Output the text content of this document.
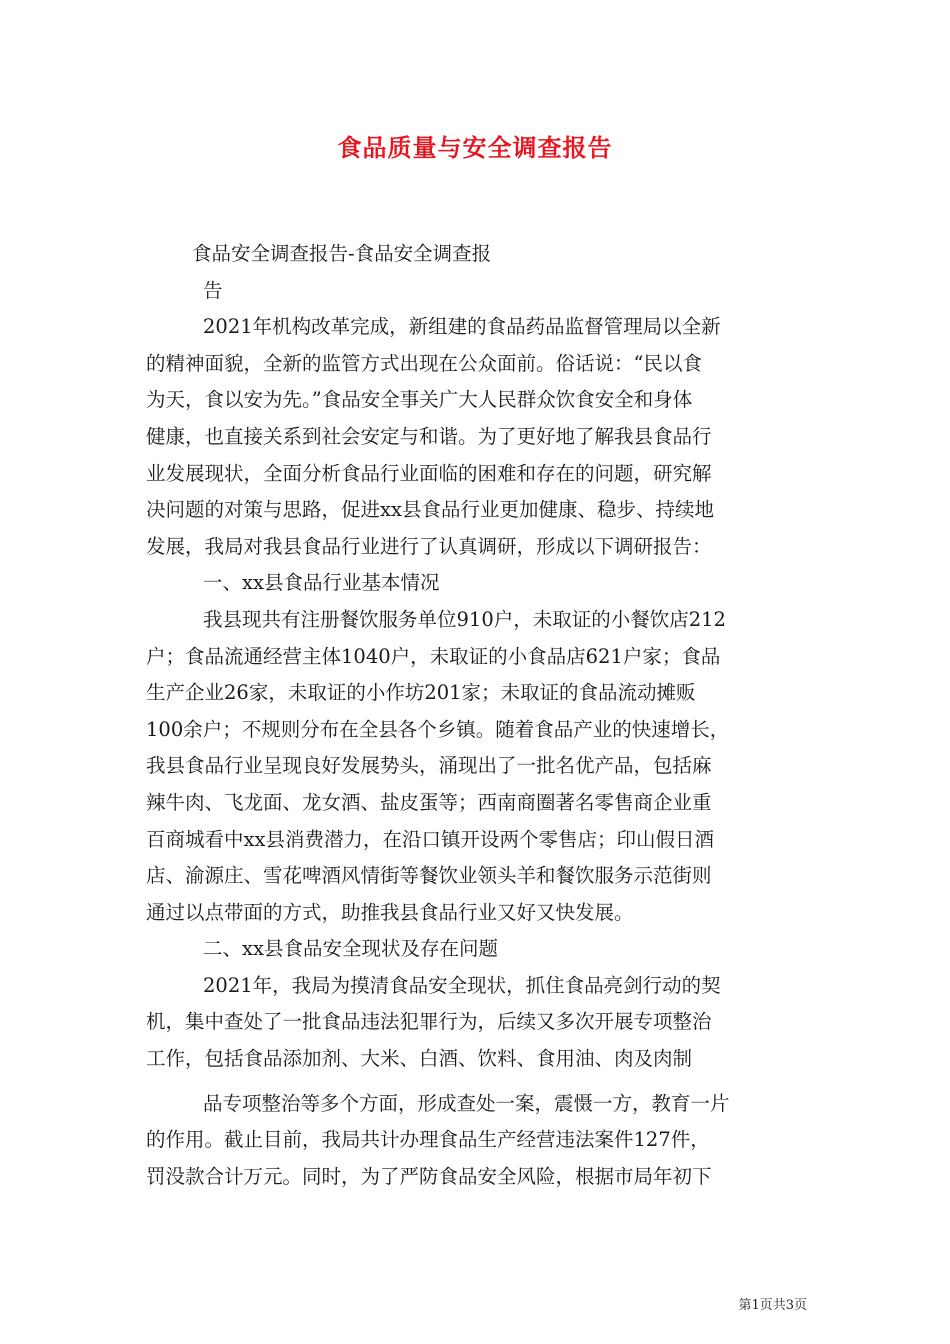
食品质量与安全调查报告
食品安全调查报告-食品安全调查报
告
2021年机构改革完成，新组建的食品药品监督管理局以全新
的精神面貌，全新的监管方式出现在公众面前。俗话说：“民以食
为天，食以安为先。”食品安全事关广大人民群众饮食安全和身体
健康，也直接关系到社会安定与和谐。为了更好地了解我县食品行
业发展现状，全面分析食品行业面临的困难和存在的问题，研究解
决问题的对策与思路，促进xx县食品行业更加健康、稳步、持续地
发展，我局对我县食品行业进行了认真调研，形成以下调研报告：
一、xx县食品行业基本情况
我县现共有注册餐饮服务单位910户，未取证的小餐饮店212
户；食品流通经营主体1040户，未取证的小食品店621户家；食品
生产企业26家，未取证的小作坊201家；未取证的食品流动摊贩
100余户；不规则分布在全县各个乡镇。随着食品产业的快速增长，
我县食品行业呈现良好发展势头，涌现出了一批名优产品，包括麻
辣牛肉、飞龙面、龙女酒、盐皮蛋等；西南商圈著名零售商企业重
百商城看中xx县消费潜力，在沿口镇开设两个零售店；印山假日酒
店、渝源庄、雪花啤酒风情街等餐饮业领头羊和餐饮服务示范街则
通过以点带面的方式，助推我县食品行业又好又快发展。
二、xx县食品安全现状及存在问题
2021年，我局为摸清食品安全现状，抓住食品亮剑行动的契
机，集中查处了一批食品违法犯罪行为，后续又多次开展专项整治
工作，包括食品添加剂、大米、白酒、饮料、食用油、肉及肉制
品专项整治等多个方面，形成查处一案，震慑一方，教育一片
的作用。截止目前，我局共计办理食品生产经营违法案件127件，
罚没款合计万元。同时，为了严防食品安全风险，根据市局年初下
第1页共3页
